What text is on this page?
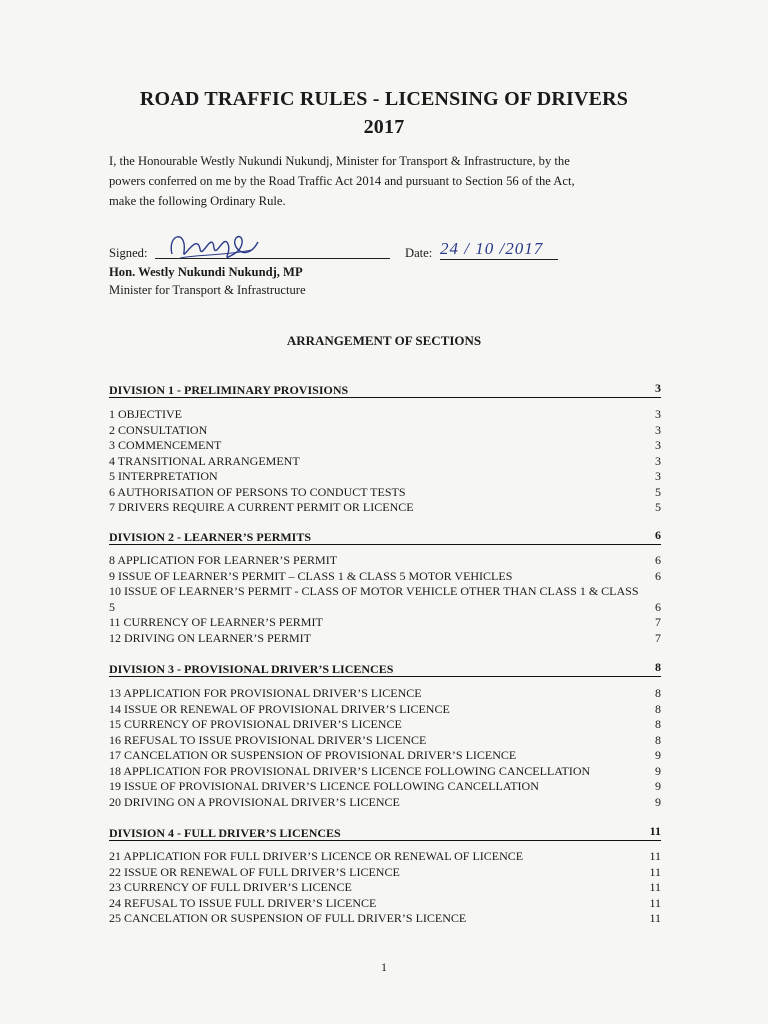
ROAD TRAFFIC RULES - LICENSING OF DRIVERS
2017
I, the Honourable Westly Nukundi Nukundj, Minister for Transport & Infrastructure, by the
powers conferred on me by the Road Traffic Act 2014 and pursuant to Section 56 of the Act,
make the following Ordinary Rule.
Signed:	Date: 24 / 10 /2017
Hon. Westly Nukundi Nukundj, MP
Minister for Transport & Infrastructure
ARRANGEMENT OF SECTIONS
DIVISION 1 - PRELIMINARY PROVISIONS	3
1 OBJECTIVE	3
2 CONSULTATION	3
3 COMMENCEMENT	3
4 TRANSITIONAL ARRANGEMENT	3
5 INTERPRETATION	3
6 AUTHORISATION OF PERSONS TO CONDUCT TESTS	5
7 DRIVERS REQUIRE A CURRENT PERMIT OR LICENCE	5
DIVISION 2 - LEARNER’S PERMITS	6
8 APPLICATION FOR LEARNER’S PERMIT	6
9 ISSUE OF LEARNER’S PERMIT – CLASS 1 & CLASS 5 MOTOR VEHICLES	6
10 ISSUE OF LEARNER’S PERMIT - CLASS OF MOTOR VEHICLE OTHER THAN CLASS 1 & CLASS
5	6
11 CURRENCY OF LEARNER’S PERMIT	7
12 DRIVING ON LEARNER’S PERMIT	7
DIVISION 3 - PROVISIONAL DRIVER’S LICENCES	8
13 APPLICATION FOR PROVISIONAL DRIVER’S LICENCE	8
14 ISSUE OR RENEWAL OF PROVISIONAL DRIVER’S LICENCE	8
15 CURRENCY OF PROVISIONAL DRIVER’S LICENCE	8
16 REFUSAL TO ISSUE PROVISIONAL DRIVER’S LICENCE	8
17 CANCELATION OR SUSPENSION OF PROVISIONAL DRIVER’S LICENCE	9
18 APPLICATION FOR PROVISIONAL DRIVER’S LICENCE FOLLOWING CANCELLATION	9
19 ISSUE OF PROVISIONAL DRIVER’S LICENCE FOLLOWING CANCELLATION	9
20 DRIVING ON A PROVISIONAL DRIVER’S LICENCE	9
DIVISION 4 - FULL DRIVER’S LICENCES	11
21 APPLICATION FOR FULL DRIVER’S LICENCE OR RENEWAL OF LICENCE	11
22 ISSUE OR RENEWAL OF FULL DRIVER’S LICENCE	11
23 CURRENCY OF FULL DRIVER’S LICENCE	11
24 REFUSAL TO ISSUE FULL DRIVER’S LICENCE	11
25 CANCELATION OR SUSPENSION OF FULL DRIVER’S LICENCE	11
1
